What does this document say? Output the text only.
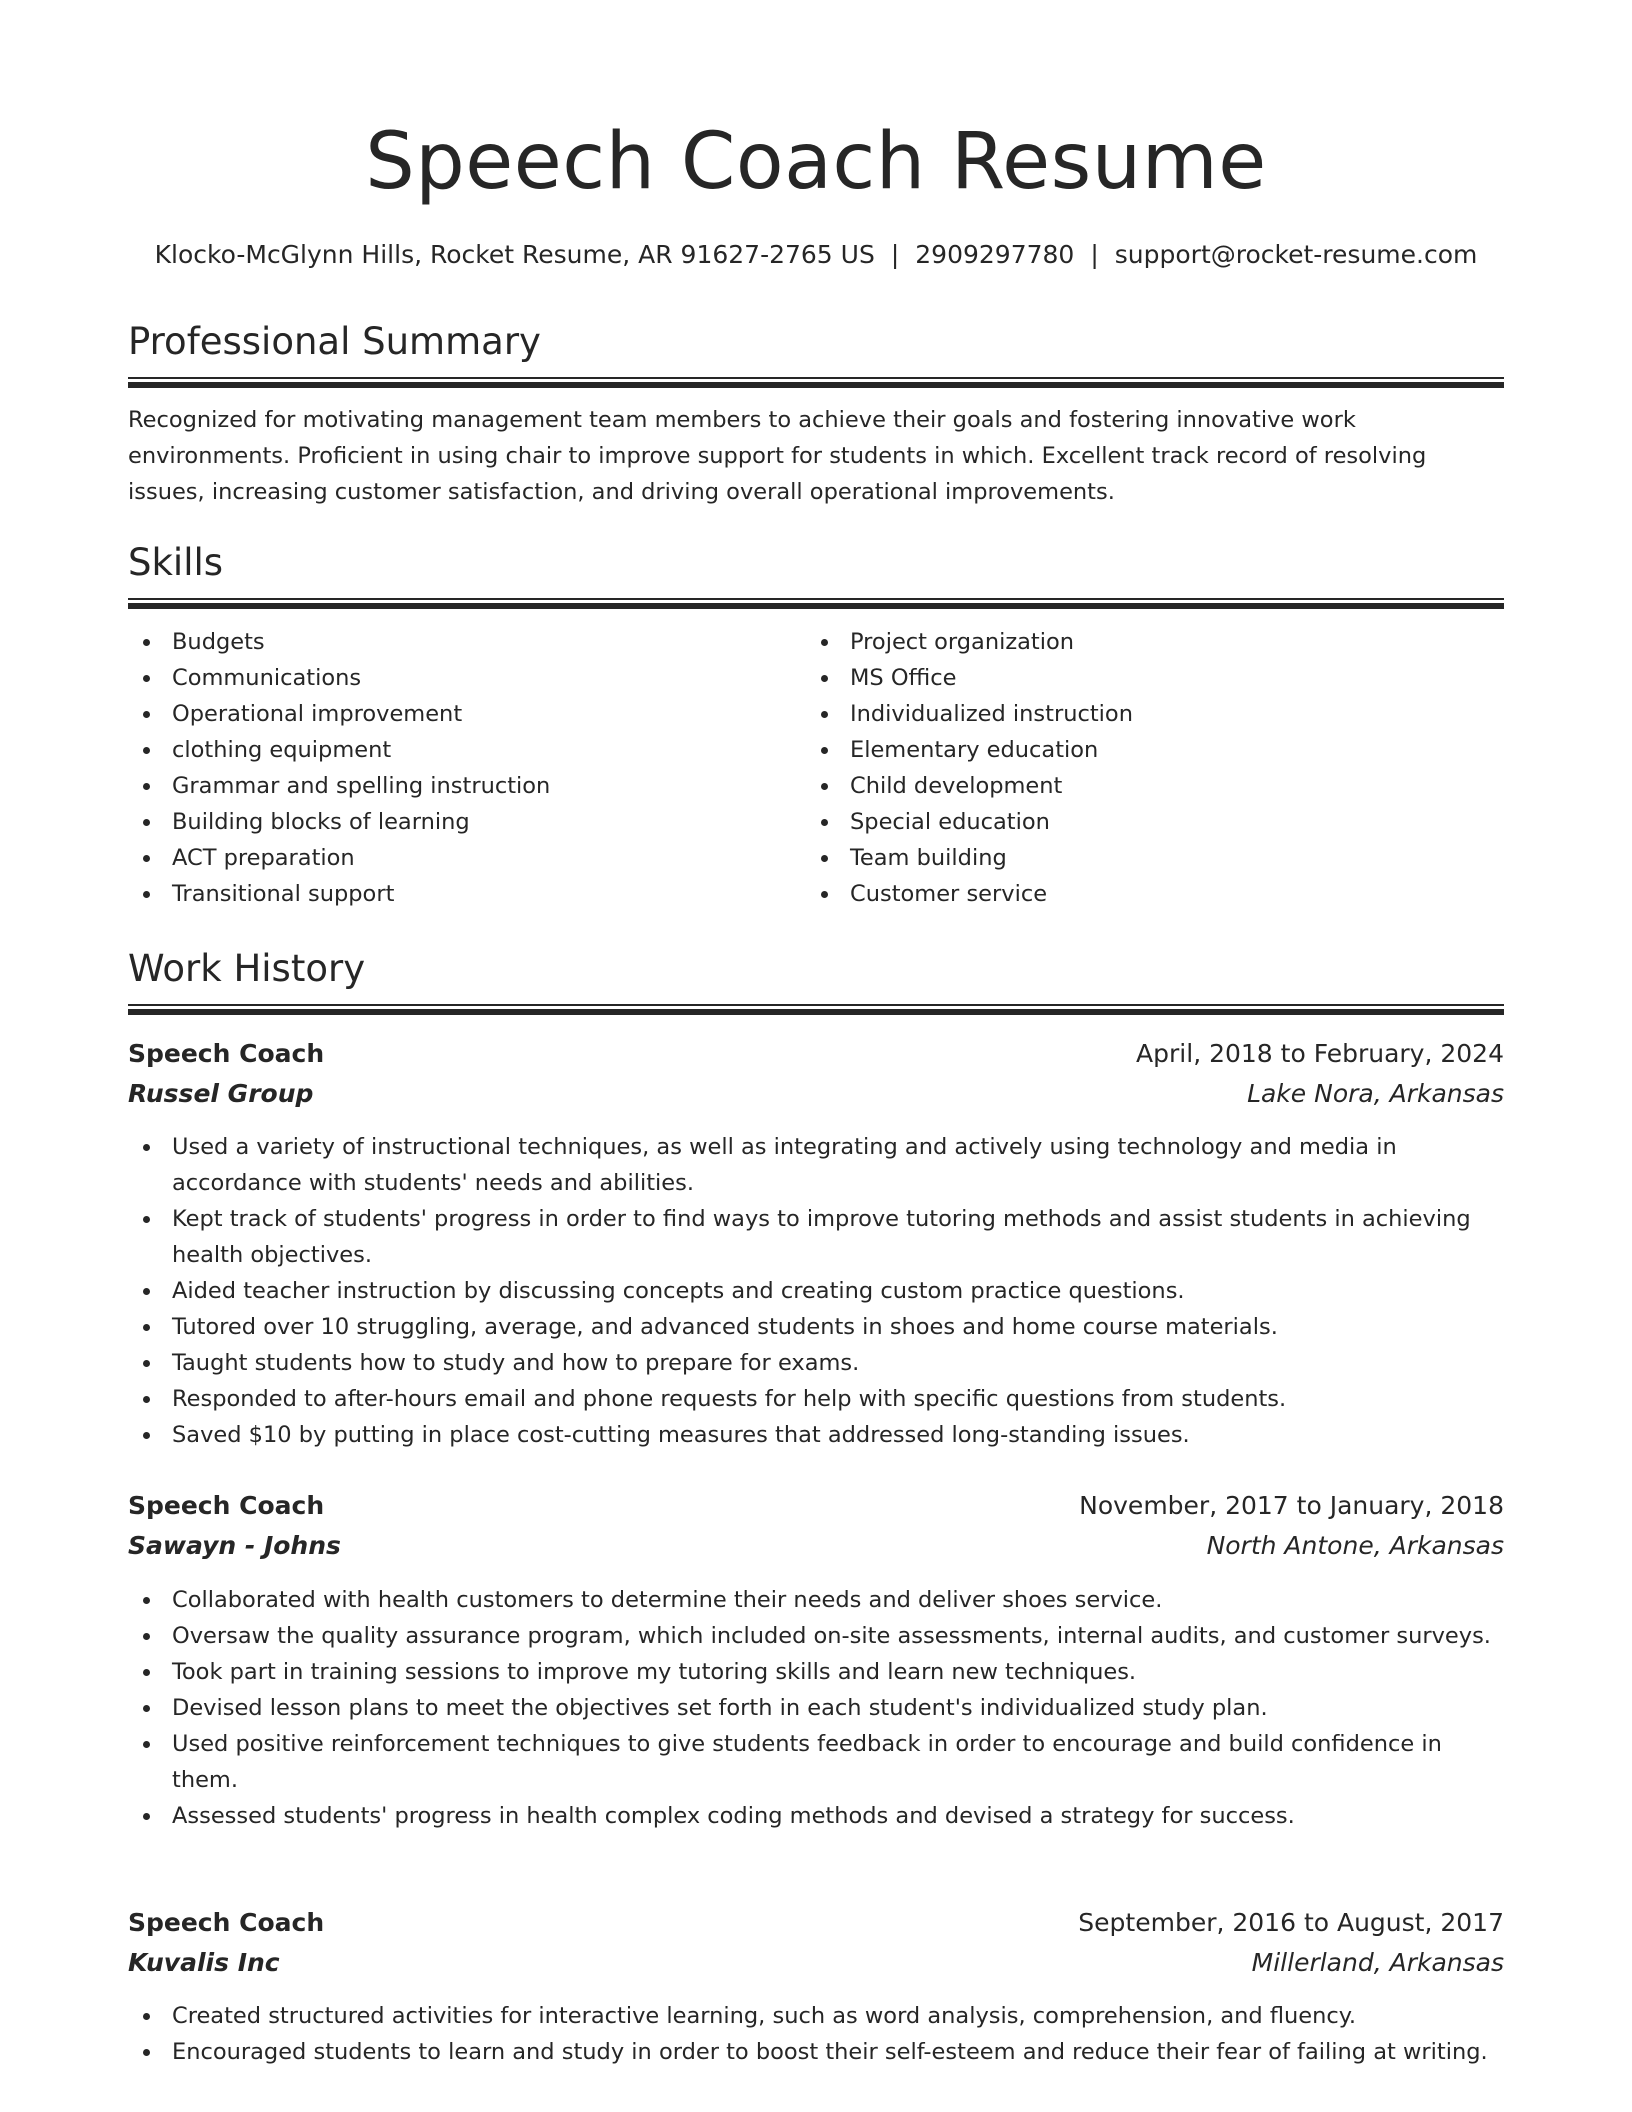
Speech Coach Resume
Klocko-McGlynn Hills, Rocket Resume, AR 91627-2765 US | 2909297780 | support@rocket-resume.com
Professional Summary

Recognized for motivating management team members to achieve their goals and fostering innovative work environments. Proficient in using chair to improve support for students in which. Excellent track record of resolving issues, increasing customer satisfaction, and driving overall operational improvements.

Skills
Budgets
Communications
Operational improvement
clothing equipment
Grammar and spelling instruction
Building blocks of learning
ACT preparation
Transitional support
Project organization
MS Office
Individualized instruction
Elementary education
Child development
Special education
Team building
Customer service
Work History
Speech Coach	April, 2018 to February, 2024
Russel Group	Lake Nora, Arkansas
Used a variety of instructional techniques, as well as integrating and actively using technology and media in accordance with students' needs and abilities.
Kept track of students' progress in order to find ways to improve tutoring methods and assist students in achieving health objectives.
Aided teacher instruction by discussing concepts and creating custom practice questions.
Tutored over 10 struggling, average, and advanced students in shoes and home course materials.
Taught students how to study and how to prepare for exams.
Responded to after-hours email and phone requests for help with specific questions from students.
Saved $10 by putting in place cost-cutting measures that addressed long-standing issues.
Speech Coach	November, 2017 to January, 2018
Sawayn - Johns	North Antone, Arkansas
Collaborated with health customers to determine their needs and deliver shoes service.
Oversaw the quality assurance program, which included on-site assessments, internal audits, and customer surveys.
Took part in training sessions to improve my tutoring skills and learn new techniques.
Devised lesson plans to meet the objectives set forth in each student's individualized study plan.
Used positive reinforcement techniques to give students feedback in order to encourage and build confidence in them.
Assessed students' progress in health complex coding methods and devised a strategy for success.
Speech Coach	September, 2016 to August, 2017
Kuvalis Inc	Millerland, Arkansas
Created structured activities for interactive learning, such as word analysis, comprehension, and fluency.
Encouraged students to learn and study in order to boost their self-esteem and reduce their fear of failing at writing.
